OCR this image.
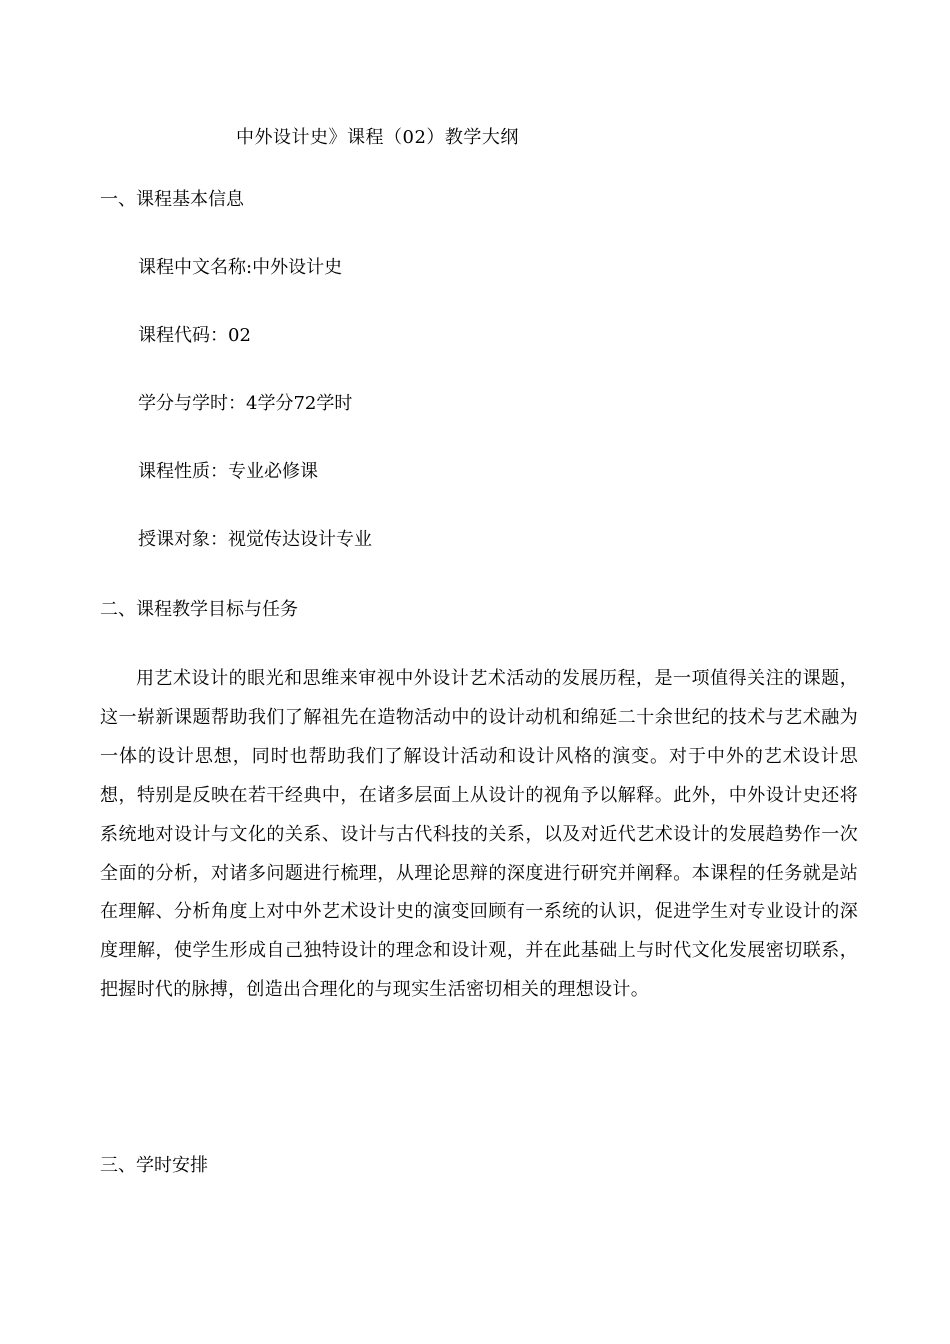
中外设计史》课程（02）教学大纲
一、课程基本信息
课程中文名称:中外设计史
课程代码：02
学分与学时：4学分72学时
课程性质：专业必修课
授课对象：视觉传达设计专业
二、课程教学目标与任务

用艺术设计的眼光和思维来审视中外设计艺术活动的发展历程，是一项值得关注的课题，这一崭新课题帮助我们了解祖先在造物活动中的设计动机和绵延二十余世纪的技术与艺术融为一体的设计思想，同时也帮助我们了解设计活动和设计风格的演变。对于中外的艺术设计思想，特别是反映在若干经典中，在诸多层面上从设计的视角予以解释。此外，中外设计史还将系统地对设计与文化的关系、设计与古代科技的关系，以及对近代艺术设计的发展趋势作一次全面的分析，对诸多问题进行梳理，从理论思辩的深度进行研究并阐释。本课程的任务就是站在理解、分析角度上对中外艺术设计史的演变回顾有一系统的认识，促进学生对专业设计的深度理解，使学生形成自己独特设计的理念和设计观，并在此基础上与时代文化发展密切联系，把握时代的脉搏，创造出合理化的与现实生活密切相关的理想设计。

三、学时安排
